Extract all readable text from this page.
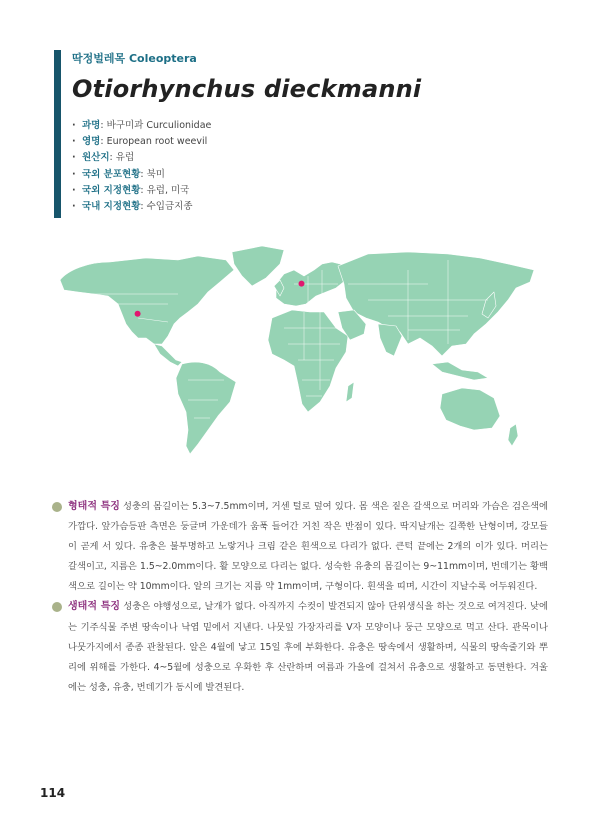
딱정벌레목 Coleoptera
Otiorhynchus dieckmanni
· 과명: 바구미과 Curculionidae
· 영명: European root weevil
· 원산지: 유럽
· 국외 분포현황: 북미
· 국외 지정현황: 유럽, 미국
· 국내 지정현황: 수입금지종
형태적 특징 성충의 몸길이는 5.3~7.5mm이며, 거센 털로 덮여 있다. 몸 색은 짙은 갈색으로 머리와 가슴은 검은색에 가깝다. 앞가슴등판 측면은 둥글며 가운데가 움푹 들어간 거친 작은 반점이 있다. 딱지날개는 길쭉한 난형이며, 강모들이 곧게 서 있다. 유충은 불투명하고 노랗거나 크림 같은 흰색으로 다리가 없다. 큰턱 끝에는 2개의 이가 있다. 머리는 갈색이고, 지름은 1.5~2.0mm이다. 활 모양으로 다리는 없다. 성숙한 유충의 몸길이는 9~11mm이며, 번데기는 황백색으로 길이는 약 10mm이다. 알의 크기는 지름 약 1mm이며, 구형이다. 흰색을 띠며, 시간이 지날수록 어두워진다.
생태적 특징 성충은 야행성으로, 날개가 없다. 아직까지 수컷이 발견되지 않아 단위생식을 하는 것으로 여겨진다. 낮에는 기주식물 주변 땅속이나 낙엽 밑에서 지낸다. 나뭇잎 가장자리를 V자 모양이나 둥근 모양으로 먹고 산다. 관목이나 나뭇가지에서 종종 관찰된다. 알은 4월에 낳고 15일 후에 부화한다. 유충은 땅속에서 생활하며, 식물의 땅속줄기와 뿌리에 위해를 가한다. 4~5월에 성충으로 우화한 후 산란하며 여름과 가을에 걸쳐서 유충으로 생활하고 동면한다. 겨울에는 성충, 유충, 번데기가 동시에 발견된다.
114
